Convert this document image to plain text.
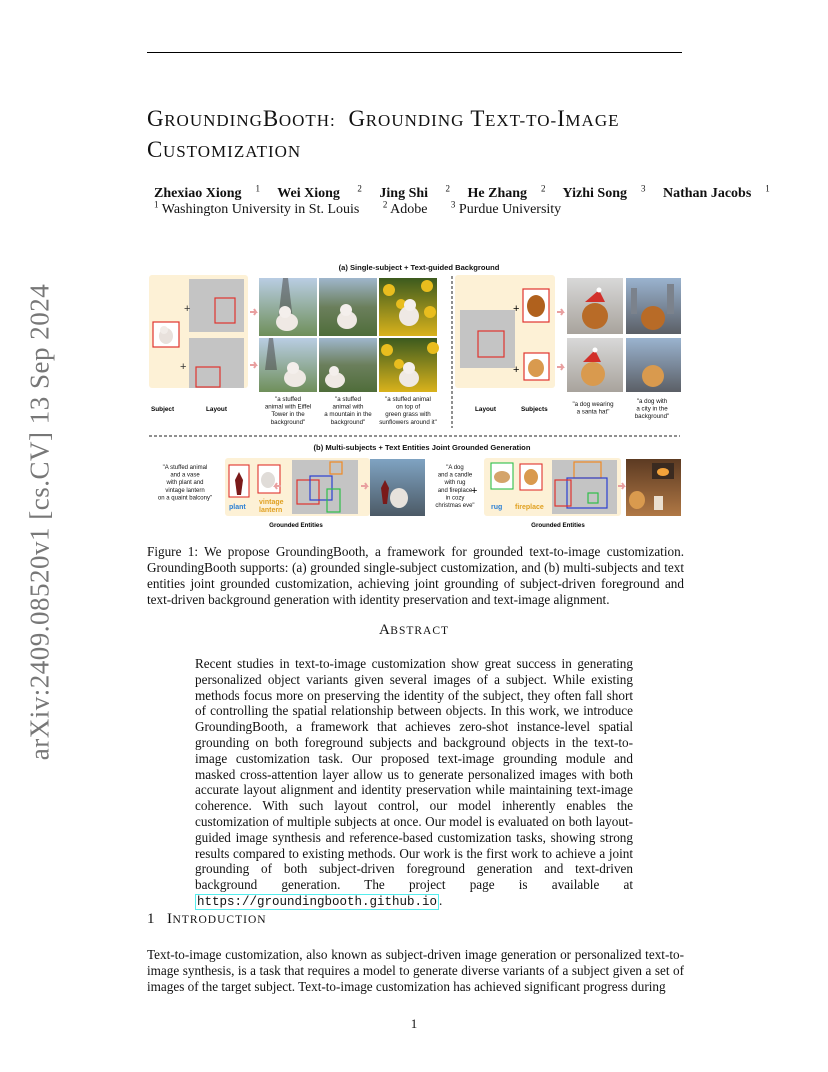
arXiv:2409.08520v1 [cs.CV] 13 Sep 2024
GROUNDINGBOOTH: GROUNDING TEXT-TO-IMAGE
CUSTOMIZATION
Zhexiao Xiong $^1$ Wei Xiong $^2$ Jing Shi $^2$ He Zhang $^2$ Yizhi Song $^3$ Nathan Jacobs $^1$
$^1$ Washington University in St. Louis	$^2$ Adobe	$^3$ Purdue University
(a) Single-subject + Text-guided Background
+
+
Subject	Layout
"a stuffed animal with Eiffel Tower in the background"
"a stuffed animal with a mountain in the background"
"a stuffed animal on top of green grass with sunflowers around it"
+
+
Layout	Subjects
"a dog wearing a santa hat"
"a dog with a city in the background"
(b) Multi-subjects + Text Entities Joint Grounded Generation
"A stuffed animal and a vase with plant and vintage lantern on a quaint balcony"
plant
vintage lantern
Grounded Entities
"A dog and a candle with rug and fireplace in cozy christmas eve"
+
rug fireplace
Grounded Entities
Figure 1: We propose GroundingBooth, a framework for grounded text-to-image customization. GroundingBooth supports: (a) grounded single-subject customization, and (b) multi-subjects and text entities joint grounded customization, achieving joint grounding of subject-driven foreground and text-driven background generation with identity preservation and text-image alignment.
ABSTRACT
Recent studies in text-to-image customization show great success in generating personalized object variants given several images of a subject. While existing methods focus more on preserving the identity of the subject, they often fall short of controlling the spatial relationship between objects. In this work, we introduce GroundingBooth, a framework that achieves zero-shot instance-level spatial grounding on both foreground subjects and background objects in the text-to-image customization task. Our proposed text-image grounding module and masked cross-attention layer allow us to generate personalized images with both accurate layout alignment and identity preservation while maintaining text-image coherence. With such layout control, our model inherently enables the customization of multiple subjects at once. Our model is evaluated on both layout-guided image synthesis and reference-based customization tasks, showing strong results compared to existing methods. Our work is the first work to achieve a joint grounding of both subject-driven foreground generation and text-driven background generation. The project page is available at https://groundingbooth.github.io .
1 INTRODUCTION
Text-to-image customization, also known as subject-driven image generation or personalized text-to-image synthesis, is a task that requires a model to generate diverse variants of a subject given a set of images of the target subject. Text-to-image customization has achieved significant progress during
1
